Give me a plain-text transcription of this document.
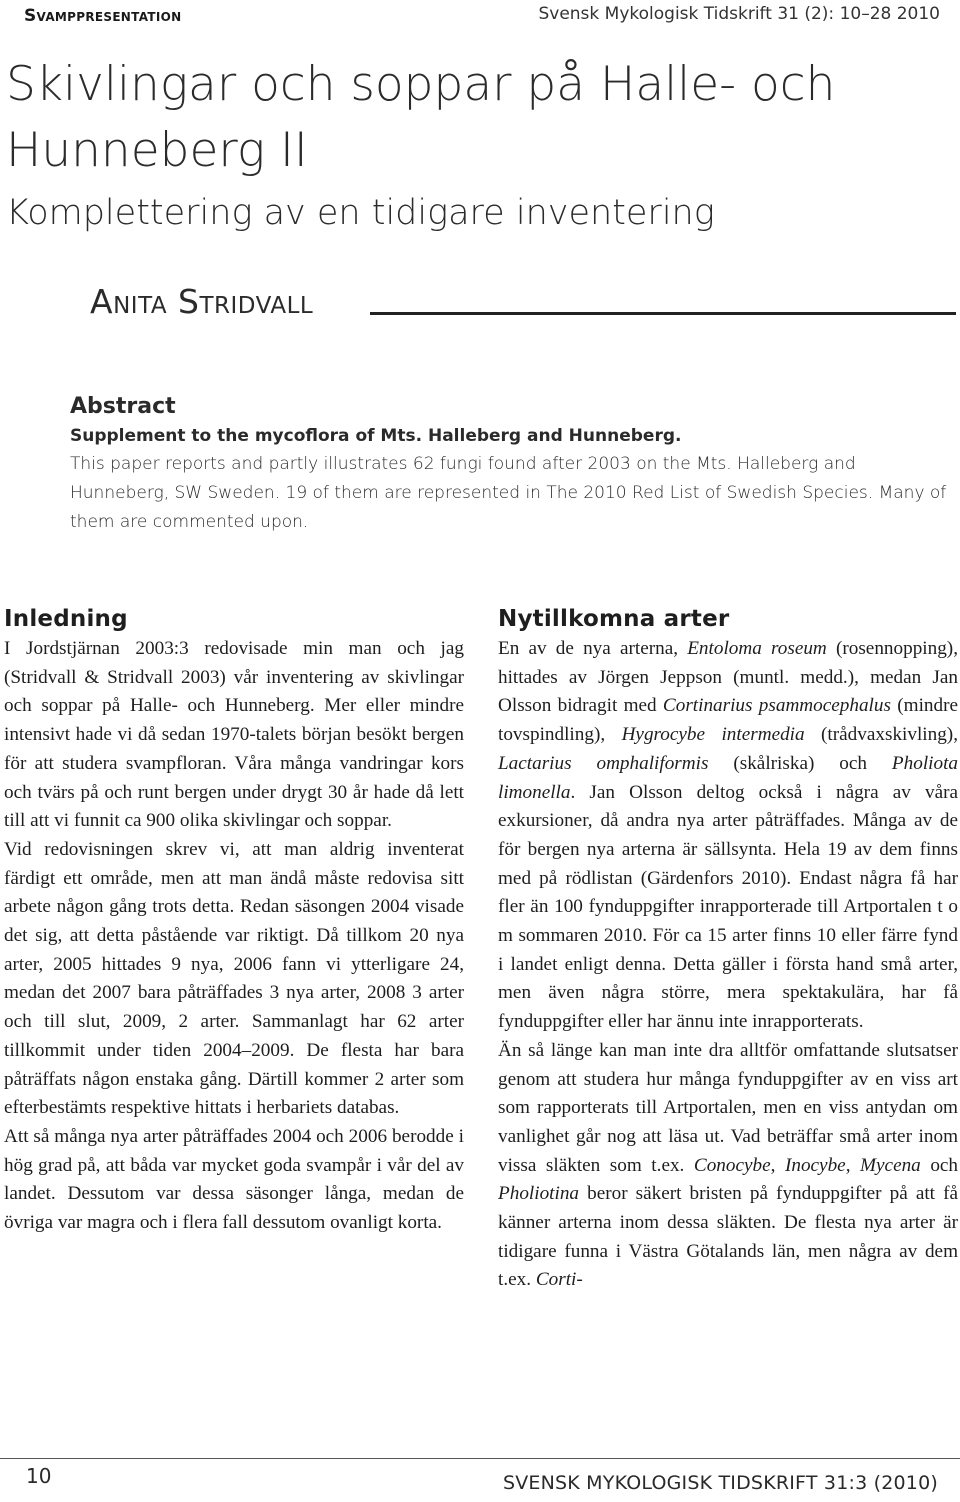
Svamppresentation	Svensk Mykologisk Tidskrift 31 (2): 10–28 2010
Skivlingar och soppar på Halle- och Hunneberg II
Komplettering av en tidigare inventering
Anita Stridvall
Abstract
Supplement to the mycoflora of Mts. Halleberg and Hunneberg.
This paper reports and partly illustrates 62 fungi found after 2003 on the Mts. Halleberg and Hunneberg, SW Sweden. 19 of them are represented in The 2010 Red List of Swedish Species. Many of them are commented upon.
Inledning

I Jordstjärnan 2003:3 redovisade min man och jag (Stridvall & Stridvall 2003) vår inventering av skivlingar och soppar på Halle- och Hunneberg. Mer eller mindre intensivt hade vi då sedan 1970-talets början besökt bergen för att studera svampfloran. Våra många vandringar kors och tvärs på och runt bergen under drygt 30 år hade då lett till att vi funnit ca 900 olika skivlingar och soppar.

Vid redovisningen skrev vi, att man aldrig inventerat färdigt ett område, men att man ändå måste redovisa sitt arbete någon gång trots detta. Redan säsongen 2004 visade det sig, att detta påstående var riktigt. Då tillkom 20 nya arter, 2005 hittades 9 nya, 2006 fann vi ytterligare 24, medan det 2007 bara påträffades 3 nya arter, 2008 3 arter och till slut, 2009, 2 arter. Sammanlagt har 62 arter tillkommit under tiden 2004–2009. De flesta har bara påträffats någon enstaka gång. Därtill kommer 2 arter som efterbestämts respektive hittats i herbariets databas.

Att så många nya arter påträffades 2004 och 2006 berodde i hög grad på, att båda var mycket goda svampår i vår del av landet. Dessutom var dessa säsonger långa, medan de övriga var magra och i flera fall dessutom ovanligt korta.

Nytillkomna arter

En av de nya arterna, Entoloma roseum (rosennopping), hittades av Jörgen Jeppson (muntl. medd.), medan Jan Olsson bidragit med Cortinarius psammocephalus (mindre tovspindling), Hygrocybe intermedia (trådvaxskivling), Lactarius omphaliformis (skålriska) och Pholiota limonella. Jan Olsson deltog också i några av våra exkursioner, då andra nya arter påträffades. Många av de för bergen nya arterna är sällsynta. Hela 19 av dem finns med på rödlistan (Gärdenfors 2010). Endast några få har fler än 100 fynduppgifter inrapporterade till Artportalen t o m sommaren 2010. För ca 15 arter finns 10 eller färre fynd i landet enligt denna. Detta gäller i första hand små arter, men även några större, mera spektakulära, har få fynduppgifter eller har ännu inte inrapporterats.

Än så länge kan man inte dra alltför omfattande slutsatser genom att studera hur många fynduppgifter av en viss art som rapporterats till Artportalen, men en viss antydan om vanlighet går nog att läsa ut. Vad beträffar små arter inom vissa släkten som t.ex. Conocybe, Inocybe, Mycena och Pholiotina beror säkert bristen på fynduppgifter på att få känner arterna inom dessa släkten. De flesta nya arter är tidigare funna i Västra Götalands län, men några av dem t.ex. Corti-

10	SVENSK MYKOLOGISK TIDSKRIFT 31:3 (2010)
